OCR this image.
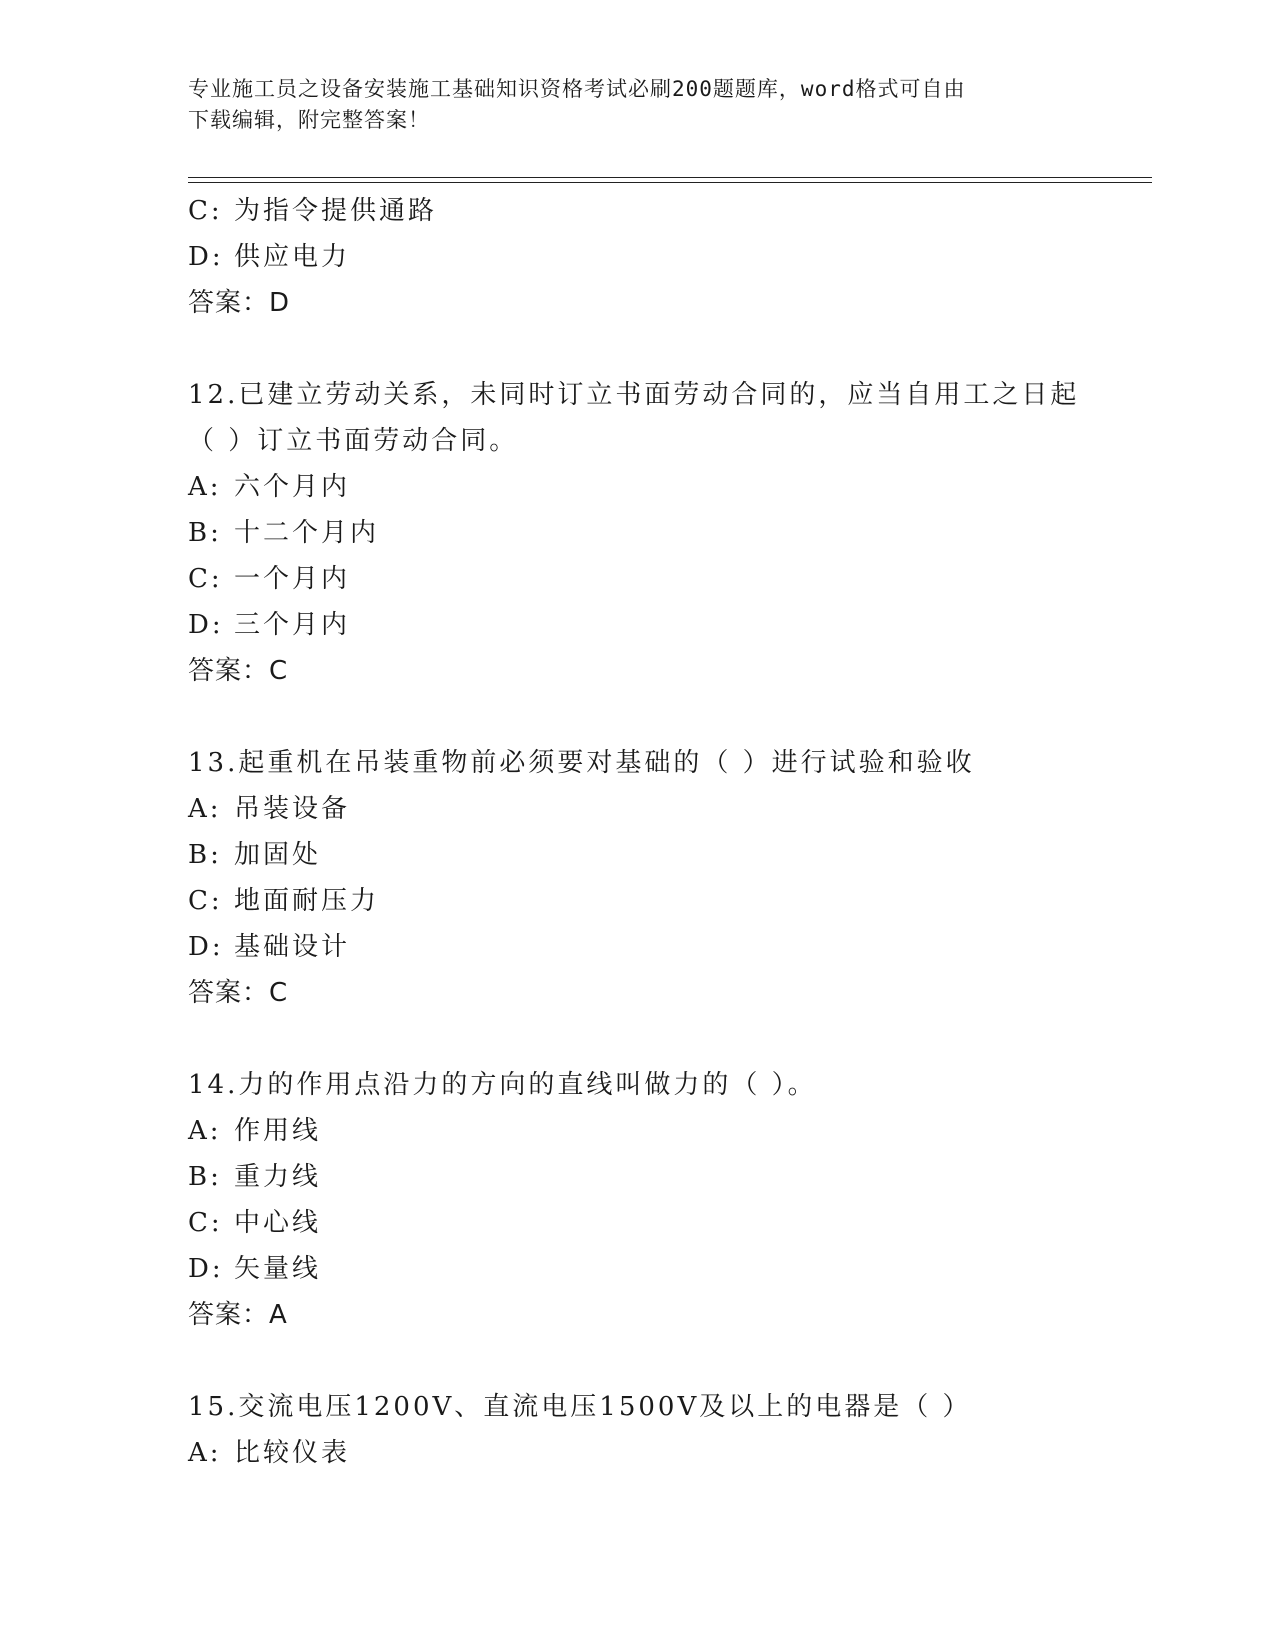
专业施工员之设备安装施工基础知识资格考试必刷200题题库，word格式可自由
下载编辑，附完整答案！
C: 为指令提供通路
D: 供应电力
答案：D
12.已建立劳动关系，未同时订立书面劳动合同的，应当自用工之日起
（ ）订立书面劳动合同。
A: 六个月内
B: 十二个月内
C: 一个月内
D: 三个月内
答案：C
13.起重机在吊装重物前必须要对基础的（ ）进行试验和验收
A: 吊装设备
B: 加固处
C: 地面耐压力
D: 基础设计
答案：C
14.力的作用点沿力的方向的直线叫做力的（ ）。
A: 作用线
B: 重力线
C: 中心线
D: 矢量线
答案：A
15.交流电压1200V、直流电压1500V及以上的电器是（ ）
A: 比较仪表
